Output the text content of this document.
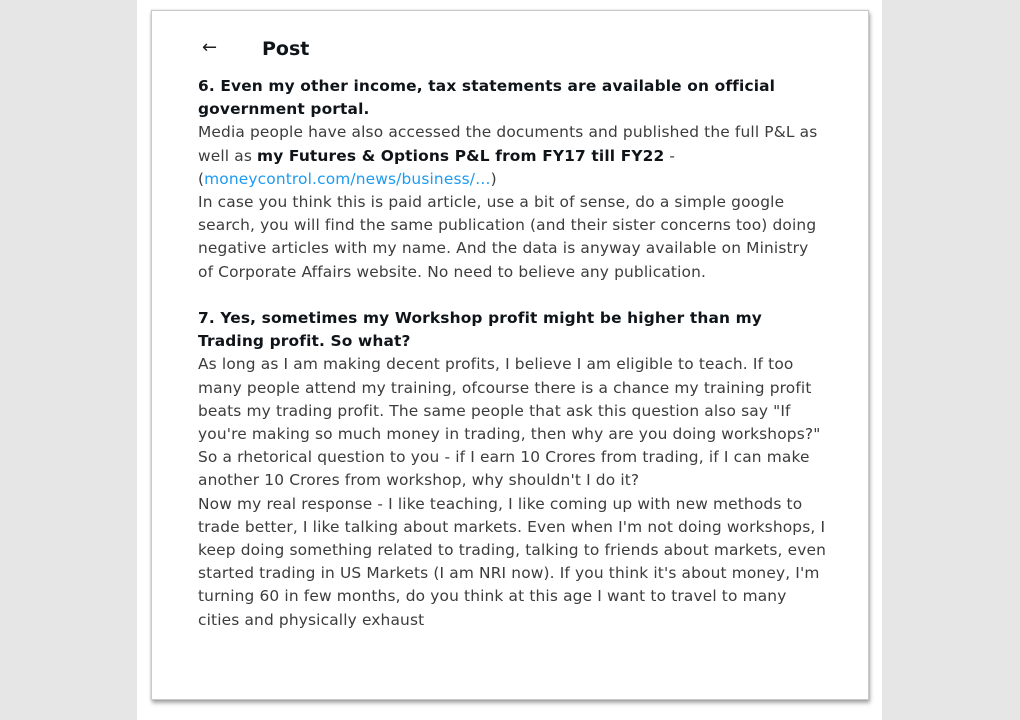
← Post

6. Even my other income, tax statements are available on official government portal.

Media people have also accessed the documents and published the full P&L as well as my Futures & Options P&L from FY17 till FY22 -
(moneycontrol.com/news/business/…)

In case you think this is paid article, use a bit of sense, do a simple google search, you will find the same publication (and their sister concerns too) doing negative articles with my name. And the data is anyway available on Ministry of Corporate Affairs website. No need to believe any publication.

7. Yes, sometimes my Workshop profit might be higher than my Trading profit. So what?

As long as I am making decent profits, I believe I am eligible to teach. If too many people attend my training, ofcourse there is a chance my training profit beats my trading profit. The same people that ask this question also say "If you're making so much money in trading, then why are you doing workshops?"

So a rhetorical question to you - if I earn 10 Crores from trading, if I can make another 10 Crores from workshop, why shouldn't I do it?

Now my real response - I like teaching, I like coming up with new methods to trade better, I like talking about markets. Even when I'm not doing workshops, I keep doing something related to trading, talking to friends about markets, even started trading in US Markets (I am NRI now). If you think it's about money, I'm turning 60 in few months, do you think at this age I want to travel to many cities and physically exhaust
